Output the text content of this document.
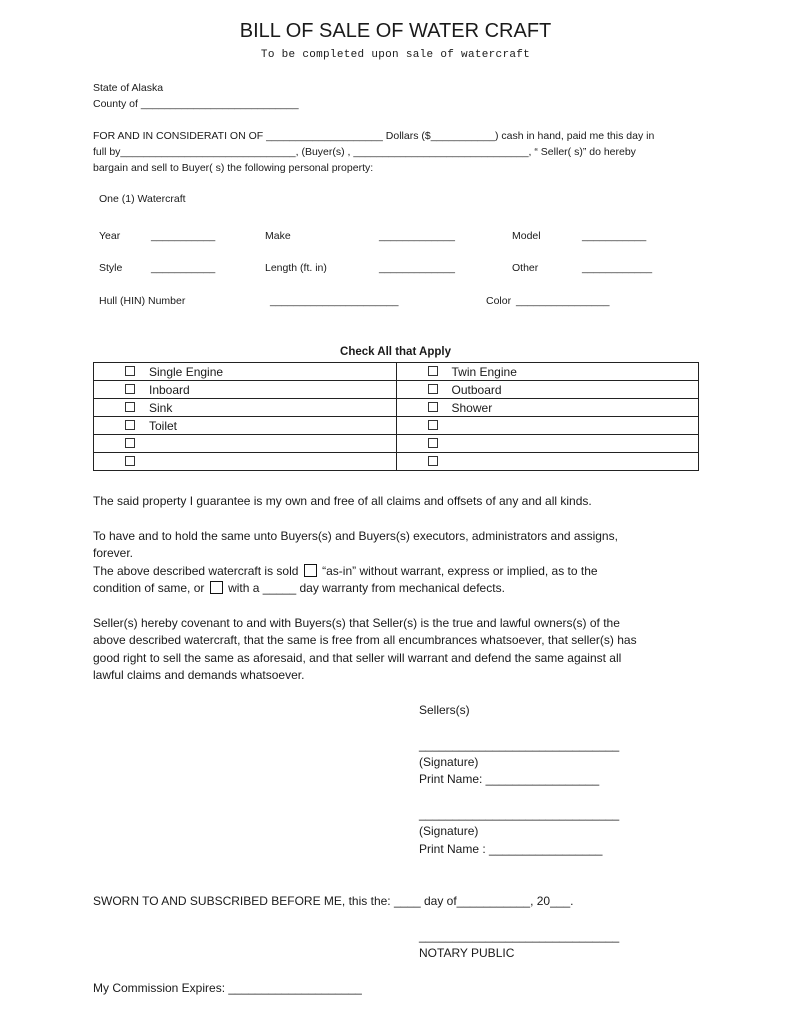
BILL OF SALE OF WATER CRAFT
To be completed upon sale of watercraft
State of Alaska
County of ___________________________
FOR AND IN CONSIDERATI ON OF ____________________ Dollars ($___________) cash in hand, paid me this day in
full by______________________________, (Buyer(s) , ______________________________, “ Seller( s)” do hereby
bargain and sell to Buyer( s) the following personal property:
One (1) Watercraft
Year	___________	Make	_____________	Model	___________
Style	___________	Length (ft. in)	_____________	Other	____________
Hull (HIN) Number	______________________	Color ________________
Check All that Apply
Single Engine	Twin Engine
Inboard	Outboard
Sink	Shower
Toilet	

The said property I guarantee is my own and free of all claims and offsets of any and all kinds.
To have and to hold the same unto Buyers(s) and Buyers(s) executors, administrators and assigns,
forever.
The above described watercraft is sold “as-in” without warrant, express or implied, as to the
condition of same, or with a _____ day warranty from mechanical defects.
Seller(s) hereby covenant to and with Buyers(s) that Seller(s) is the true and lawful owners(s) of the
above described watercraft, that the same is free from all encumbrances whatsoever, that seller(s) has
good right to sell the same as aforesaid, and that seller will warrant and defend the same against all
lawful claims and demands whatsoever.
Sellers(s)
______________________________
(Signature)
Print Name: _________________
______________________________
(Signature)
Print Name : _________________
SWORN TO AND SUBSCRIBED BEFORE ME, this the: ____ day of___________, 20___.
______________________________
NOTARY PUBLIC
My Commission Expires: ____________________
